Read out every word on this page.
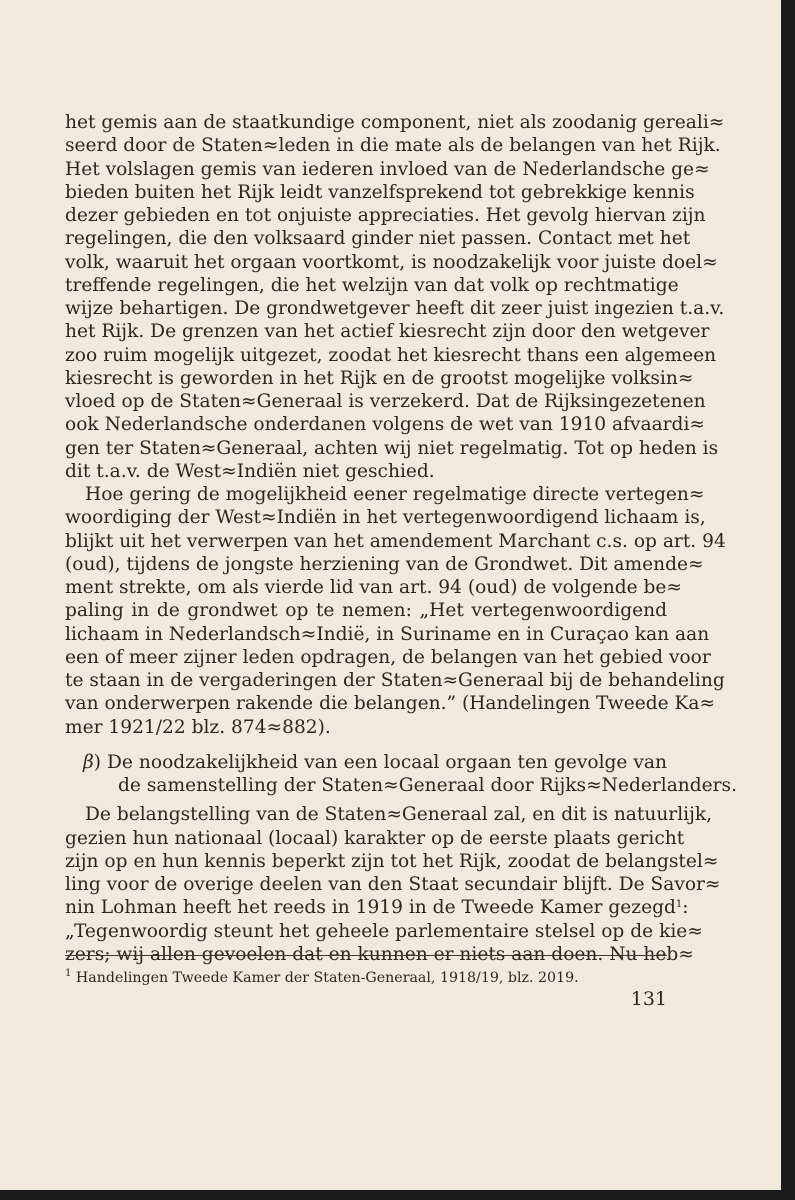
het gemis aan de staatkundige component, niet als zoodanig gereali≈
seerd door de Staten≈leden in die mate als de belangen van het Rijk.
Het volslagen gemis van iederen invloed van de Nederlandsche ge≈
bieden buiten het Rijk leidt vanzelfsprekend tot gebrekkige kennis
dezer gebieden en tot onjuiste appreciaties. Het gevolg hiervan zijn
regelingen, die den volksaard ginder niet passen. Contact met het
volk, waaruit het orgaan voortkomt, is noodzakelijk voor juiste doel≈
treffende regelingen, die het welzijn van dat volk op rechtmatige
wijze behartigen. De grondwetgever heeft dit zeer juist ingezien t.a.v.
het Rijk. De grenzen van het actief kiesrecht zijn door den wetgever
zoo ruim mogelijk uitgezet, zoodat het kiesrecht thans een algemeen
kiesrecht is geworden in het Rijk en de grootst mogelijke volksin≈
vloed op de Staten≈Generaal is verzekerd. Dat de Rijksingezetenen
ook Nederlandsche onderdanen volgens de wet van 1910 afvaardi≈
gen ter Staten≈Generaal, achten wij niet regelmatig. Tot op heden is
dit t.a.v. de West≈Indiën niet geschied.
Hoe gering de mogelijkheid eener regelmatige directe vertegen≈
woordiging der West≈Indiën in het vertegenwoordigend lichaam is,
blijkt uit het verwerpen van het amendement Marchant c.s. op art. 94
(oud), tijdens de jongste herziening van de Grondwet. Dit amende≈
ment strekte, om als vierde lid van art. 94 (oud) de volgende be≈
paling in de grondwet op te nemen: „Het vertegenwoordigend
lichaam in Nederlandsch≈Indië, in Suriname en in Curaçao kan aan
een of meer zijner leden opdragen, de belangen van het gebied voor
te staan in de vergaderingen der Staten≈Generaal bij de behandeling
van onderwerpen rakende die belangen.” (Handelingen Tweede Ka≈
mer 1921/22 blz. 874≈882).
β) De noodzakelijkheid van een locaal orgaan ten gevolge van
de samenstelling der Staten≈Generaal door Rijks≈Nederlanders.
De belangstelling van de Staten≈Generaal zal, en dit is natuurlijk,
gezien hun nationaal (locaal) karakter op de eerste plaats gericht
zijn op en hun kennis beperkt zijn tot het Rijk, zoodat de belangstel≈
ling voor de overige deelen van den Staat secundair blijft. De Savor≈
nin Lohman heeft het reeds in 1919 in de Tweede Kamer gezegd$^1$:
„Tegenwoordig steunt het geheele parlementaire stelsel op de kie≈
zers; wij allen gevoelen dat en kunnen er niets aan doen. Nu heb≈
$^1$ Handelingen Tweede Kamer der Staten-Generaal, 1918/19, blz. 2019.
131
